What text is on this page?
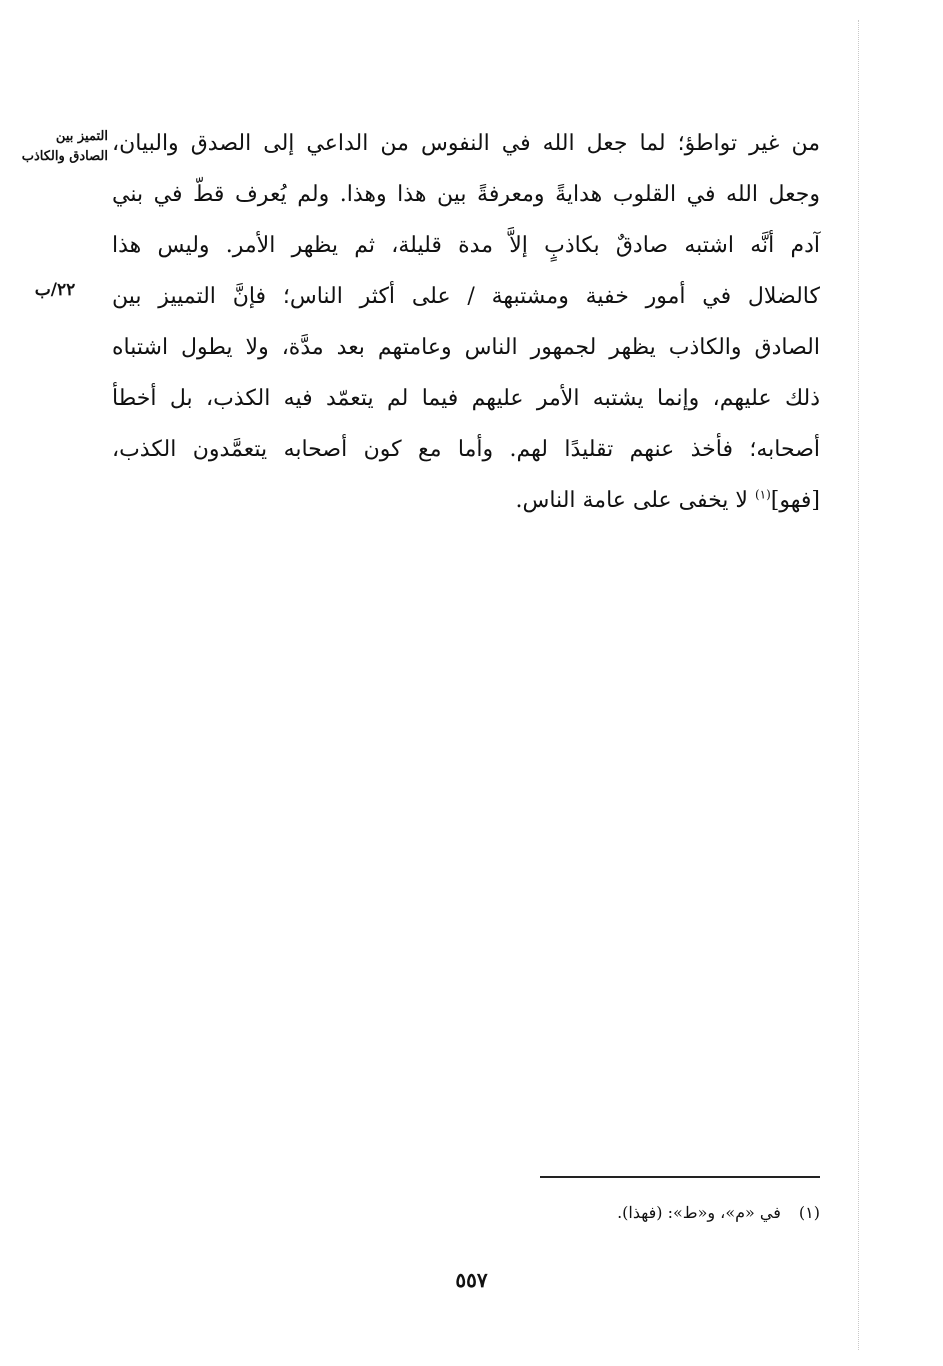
التميز بين
الصادق والكاذب
٢٢/ب
من غير تواطؤ؛ لما جعل الله في النفوس من الداعي إلى الصدق والبيان،
وجعل الله في القلوب هدايةً ومعرفةً بين هذا وهذا. ولم يُعرف قطّ في بني
آدم أنَّه اشتبه صادقٌ بكاذبٍ إلاَّ مدة قليلة، ثم يظهر الأمر. وليس هذا
كالضلال في أمور خفية ومشتبهة / على أكثر الناس؛ فإنَّ التمييز بين
الصادق والكاذب يظهر لجمهور الناس وعامتهم بعد مدَّة، ولا يطول اشتباه
ذلك عليهم، وإنما يشتبه الأمر عليهم فيما لم يتعمّد فيه الكذب، بل أخطأ
أصحابه؛ فأخذ عنهم تقليدًا لهم. وأما مع كون أصحابه يتعمَّدون الكذب،
[فهو]$^{(١)}$ لا يخفى على عامة الناس.
(١)في «م»، و«ط»: (فهذا).
٥٥٧
